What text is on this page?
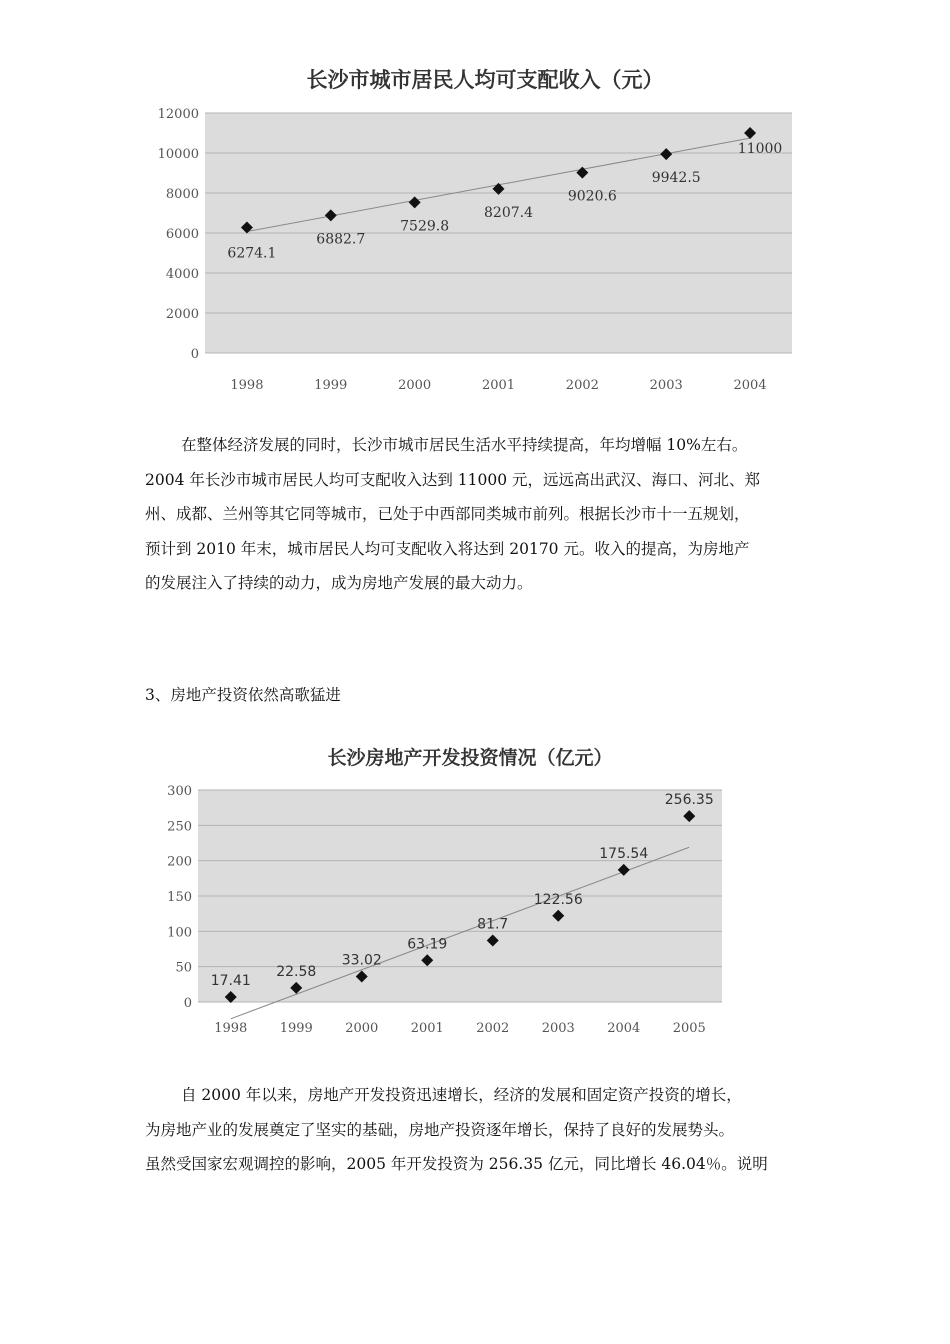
长沙市城市居民人均可支配收入（元）
0
2000
4000
6000
8000
10000
12000
1998	1999	2000	2001	2002	2003	2004
6274.1
6882.7
7529.8
8207.4
9020.6
9942.5
11000

在整体经济发展的同时，长沙市城市居民生活水平持续提高，年均增幅 10%左右。

2004 年长沙市城市居民人均可支配收入达到 11000 元，远远高出武汉、海口、河北、郑

州、成都、兰州等其它同等城市，已处于中西部同类城市前列。根据长沙市十一五规划，

预计到 2010 年末，城市居民人均可支配收入将达到 20170 元。收入的提高，为房地产

的发展注入了持续的动力，成为房地产发展的最大动力。

3、房地产投资依然高歌猛进
长沙房地产开发投资情况（亿元）
0
50
100
150
200
250
300
1998 1999 2000 2001 2002 2003 2004 2005
17.41
22.58
33.02
63.19
81.7
122.56
175.54
256.35

自 2000 年以来，房地产开发投资迅速增长，经济的发展和固定资产投资的增长，

为房地产业的发展奠定了坚实的基础，房地产投资逐年增长，保持了良好的发展势头。

虽然受国家宏观调控的影响，2005 年开发投资为 256.35 亿元，同比增长 46.04％。说明
